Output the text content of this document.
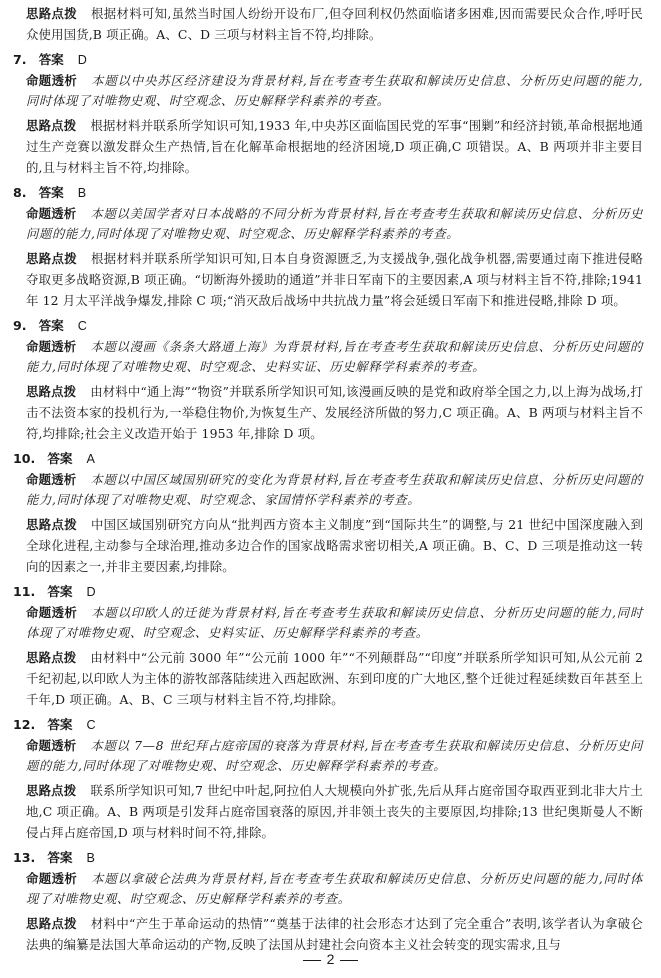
思路点拨 根据材料可知,虽然当时国人纷纷开设布厂,但夺回利权仍然面临诸多困难,因而需要民众合作,呼吁民众使用国货,B 项正确。A、C、D 三项与材料主旨不符,均排除。

7. 答案 D

命题透析 本题以中央苏区经济建设为背景材料,旨在考查考生获取和解读历史信息、分析历史问题的能力,同时体现了对唯物史观、时空观念、历史解释学科素养的考查。

思路点拨 根据材料并联系所学知识可知,1933 年,中央苏区面临国民党的军事“围剿”和经济封锁,革命根据地通过生产竞赛以激发群众生产热情,旨在化解革命根据地的经济困境,D 项正确,C 项错误。A、B 两项并非主要目的,且与材料主旨不符,均排除。

8. 答案 B

命题透析 本题以美国学者对日本战略的不同分析为背景材料,旨在考查考生获取和解读历史信息、分析历史问题的能力,同时体现了对唯物史观、时空观念、历史解释学科素养的考查。

思路点拨 根据材料并联系所学知识可知,日本自身资源匮乏,为支援战争,强化战争机器,需要通过南下推进侵略夺取更多战略资源,B 项正确。“切断海外援助的通道”并非日军南下的主要因素,A 项与材料主旨不符,排除;1941 年 12 月太平洋战争爆发,排除 C 项;“消灭敌后战场中共抗战力量”将会延缓日军南下和推进侵略,排除 D 项。

9. 答案 C

命题透析 本题以漫画《条条大路通上海》为背景材料,旨在考查考生获取和解读历史信息、分析历史问题的能力,同时体现了对唯物史观、时空观念、史料实证、历史解释学科素养的考查。

思路点拨 由材料中“通上海”“物资”并联系所学知识可知,该漫画反映的是党和政府举全国之力,以上海为战场,打击不法资本家的投机行为,一举稳住物价,为恢复生产、发展经济所做的努力,C 项正确。A、B 两项与材料主旨不符,均排除;社会主义改造开始于 1953 年,排除 D 项。

10. 答案 A

命题透析 本题以中国区域国别研究的变化为背景材料,旨在考查考生获取和解读历史信息、分析历史问题的能力,同时体现了对唯物史观、时空观念、家国情怀学科素养的考查。

思路点拨 中国区域国别研究方向从“批判西方资本主义制度”到“国际共生”的调整,与 21 世纪中国深度融入到全球化进程,主动参与全球治理,推动多边合作的国家战略需求密切相关,A 项正确。B、C、D 三项是推动这一转向的因素之一,并非主要因素,均排除。

11. 答案 D

命题透析 本题以印欧人的迁徙为背景材料,旨在考查考生获取和解读历史信息、分析历史问题的能力,同时体现了对唯物史观、时空观念、史料实证、历史解释学科素养的考查。

思路点拨 由材料中“公元前 3000 年”“公元前 1000 年”“不列颠群岛”“印度”并联系所学知识可知,从公元前 2 千纪初起,以印欧人为主体的游牧部落陆续进入西起欧洲、东到印度的广大地区,整个迁徙过程延续数百年甚至上千年,D 项正确。A、B、C 三项与材料主旨不符,均排除。

12. 答案 C

命题透析 本题以 7—8 世纪拜占庭帝国的衰落为背景材料,旨在考查考生获取和解读历史信息、分析历史问题的能力,同时体现了对唯物史观、时空观念、历史解释学科素养的考查。

思路点拨 联系所学知识可知,7 世纪中叶起,阿拉伯人大规模向外扩张,先后从拜占庭帝国夺取西亚到北非大片土地,C 项正确。A、B 两项是引发拜占庭帝国衰落的原因,并非领土丧失的主要原因,均排除;13 世纪奥斯曼人不断侵占拜占庭帝国,D 项与材料时间不符,排除。

13. 答案 B

命题透析 本题以拿破仑法典为背景材料,旨在考查考生获取和解读历史信息、分析历史问题的能力,同时体现了对唯物史观、时空观念、历史解释学科素养的考查。

思路点拨 材料中“产生于革命运动的热情”“奠基于法律的社会形态才达到了完全重合”表明,该学者认为拿破仑法典的编纂是法国大革命运动的产物,反映了法国从封建社会向资本主义社会转变的现实需求,且与

2
